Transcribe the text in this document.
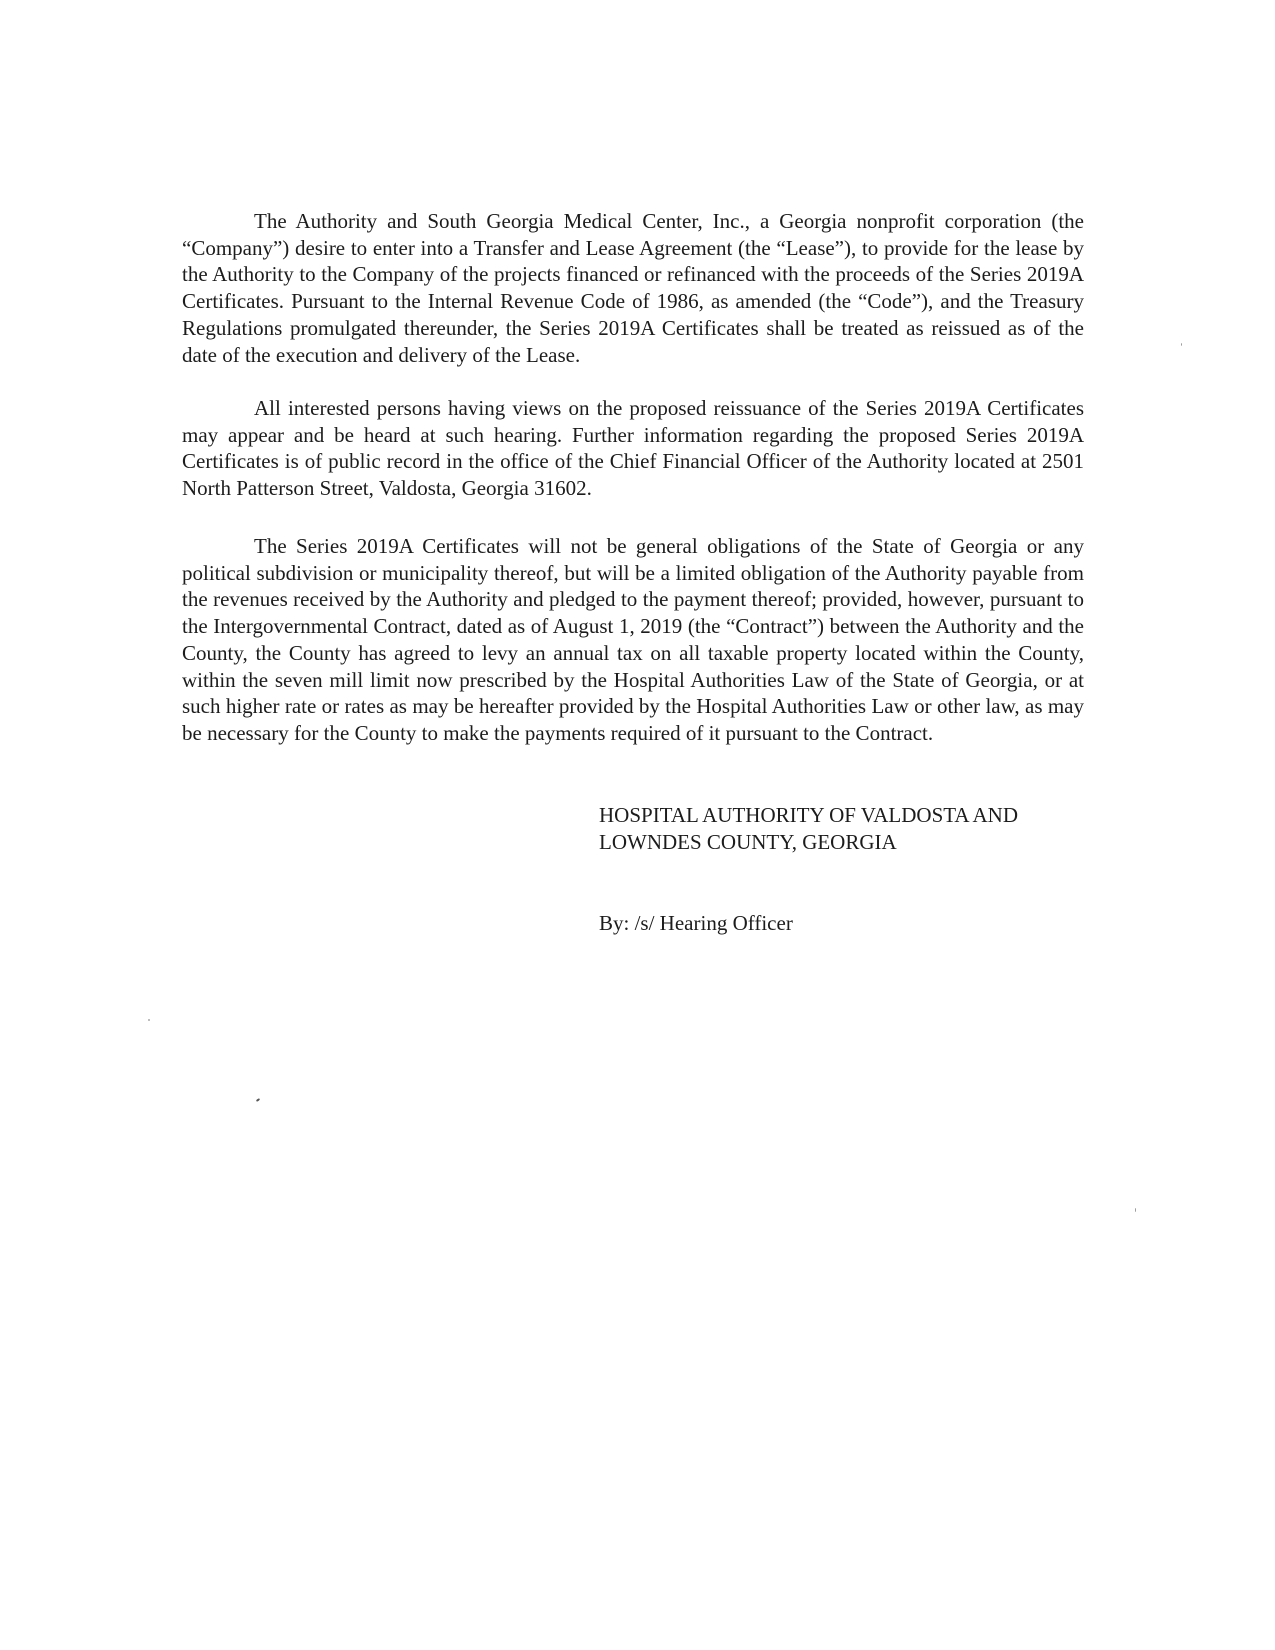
The Authority and South Georgia Medical Center, Inc., a Georgia nonprofit corporation (the “Company”) desire to enter into a Transfer and Lease Agreement (the “Lease”), to provide for the lease by the Authority to the Company of the projects financed or refinanced with the proceeds of the Series 2019A Certificates. Pursuant to the Internal Revenue Code of 1986, as amended (the “Code”), and the Treasury Regulations promulgated thereunder, the Series 2019A Certificates shall be treated as reissued as of the date of the execution and delivery of the Lease.

All interested persons having views on the proposed reissuance of the Series 2019A Certificates may appear and be heard at such hearing. Further information regarding the proposed Series 2019A Certificates is of public record in the office of the Chief Financial Officer of the Authority located at 2501 North Patterson Street, Valdosta, Georgia 31602.

The Series 2019A Certificates will not be general obligations of the State of Georgia or any political subdivision or municipality thereof, but will be a limited obligation of the Authority payable from the revenues received by the Authority and pledged to the payment thereof; provided, however, pursuant to the Intergovernmental Contract, dated as of August 1, 2019 (the “Contract”) between the Authority and the County, the County has agreed to levy an annual tax on all taxable property located within the County, within the seven mill limit now prescribed by the Hospital Authorities Law of the State of Georgia, or at such higher rate or rates as may be hereafter provided by the Hospital Authorities Law or other law, as may be necessary for the County to make the payments required of it pursuant to the Contract.

HOSPITAL AUTHORITY OF VALDOSTA AND

LOWNDES COUNTY, GEORGIA

By: /s/ Hearing Officer
